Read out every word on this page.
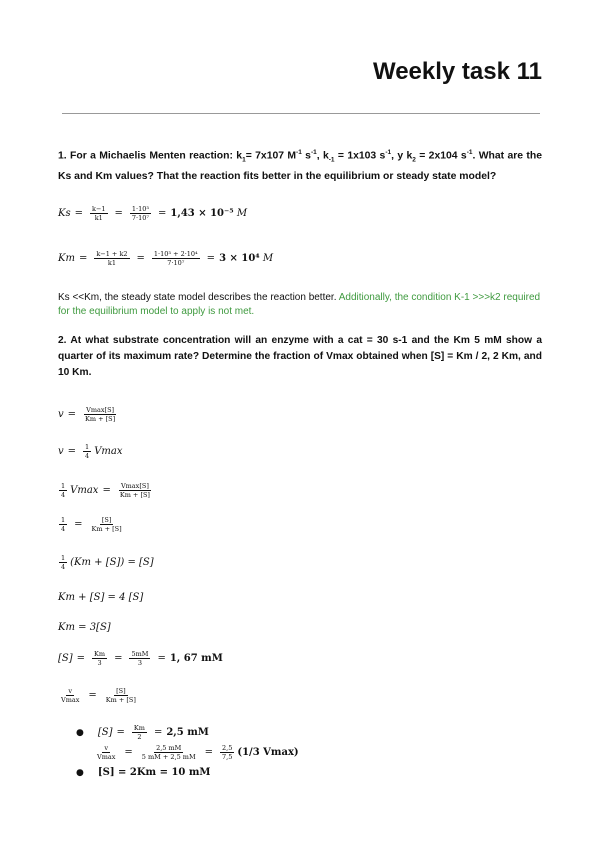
Weekly task 11
1. For a Michaelis Menten reaction: $k_1= 7x107$ $M^{-1}$ $s^{-1}$, $k_{-1} = 1x103$ $s^{-1}$, y $k_2 = 2x104$ $s^{-1}$. What are the Ks and Km values? That the reaction fits better in the equilibrium or steady state model?
$Ks = \frac{k-1}{k1} = \frac{\text{1·10³}}{\text{7·10⁷}} = 1,43 \times 10^{-5}$
M
$Km = \frac{k-1 + k2}{k1} = \frac{\text{1·10³ + 2·10⁴}}{\text{7·10⁷}} = 3 \times 10^4$
M
Ks <<Km, the steady state model describes the reaction better. Additionally, the condition K-1 >>>k2 required for the equilibrium model to apply is not met.
2. At what substrate concentration will an enzyme with a cat = 30 s-1 and the Km 5 mM show a quarter of its maximum rate? Determine the fraction of Vmax obtained when [S] = Km / 2, 2 Km, and 10 Km.
$v = \frac{Vmax[S]}{Km + [S]}$
$v = \frac{1}{4}$ Vmax
$\frac{1}{4}$ $Vmax = \frac{Vmax[S]}{Km + [S]}$
$\frac{1}{4} = \frac{[S]}{Km + [S]}$
$\frac{1}{4} (Km + [S]) = [S]$
Km + [S] = 4 [S]
Km = 3[S]
$[S] = \frac{Km}{3} = \frac{5mM}{3} = 1$, 67 mM
$\frac{v}{Vmax} = \frac{[S]}{Km + [S]}$
● $[S] = \frac{Km}{2} = 2,5$ mM
$\frac{v}{Vmax} = \frac{2,5 mM}{5 mM + 2,5 mM} = \frac{2,5}{7,5} (1/3$ Vmax)
● [S] = 2Km = 10 mM
